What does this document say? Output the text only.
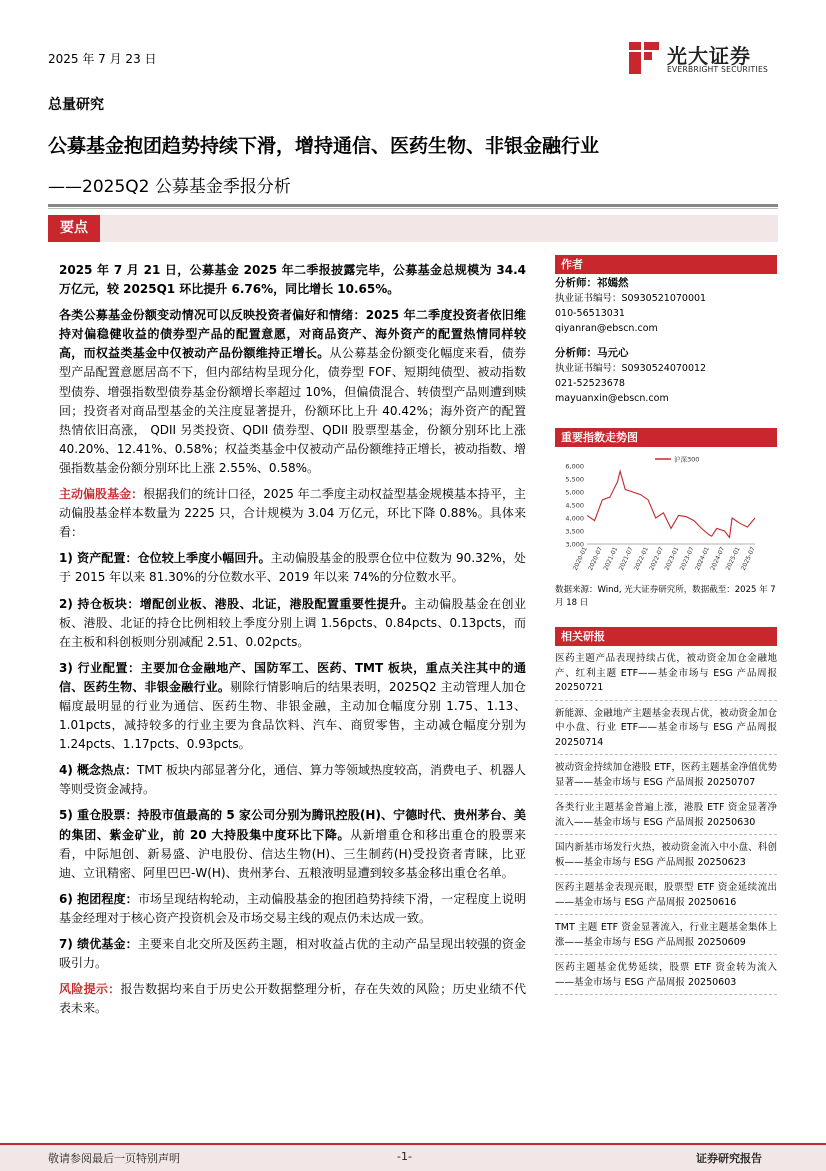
2025 年 7 月 23 日	光大证券
EVERBRIGHT SECURITIES
总量研究
公募基金抱团趋势持续下滑，增持通信、医药生物、非银金融行业
——2025Q2 公募基金季报分析
要点

2025 年 7 月 21 日，公募基金 2025 年二季报披露完毕，公募基金总规模为 34.4 万亿元，较 2025Q1 环比提升 6.76%，同比增长 10.65%。

各类公募基金份额变动情况可以反映投资者偏好和情绪：2025 年二季度投资者依旧维持对偏稳健收益的债券型产品的配置意愿，对商品资产、海外资产的配置热情同样较高，而权益类基金中仅被动产品份额维持正增长。从公募基金份额变化幅度来看，债券型产品配置意愿居高不下，但内部结构呈现分化，债券型 FOF、短期纯债型、被动指数型债券、增强指数型债券基金份额增长率超过 10%，但偏债混合、转债型产品则遭到赎回；投资者对商品型基金的关注度显著提升，份额环比上升 40.42%；海外资产的配置热情依旧高涨， QDII 另类投资、QDII 债券型、QDII 股票型基金，份额分别环比上涨 40.20%、12.41%、0.58%；权益类基金中仅被动产品份额维持正增长，被动指数、增强指数基金份额分别环比上涨 2.55%、0.58%。

主动偏股基金：根据我们的统计口径，2025 年二季度主动权益型基金规模基本持平，主动偏股基金样本数量为 2225 只，合计规模为 3.04 万亿元，环比下降 0.88%。具体来看：

1) 资产配置：仓位较上季度小幅回升。主动偏股基金的股票仓位中位数为 90.32%，处于 2015 年以来 81.30%的分位数水平、2019 年以来 74%的分位数水平。

2) 持仓板块：增配创业板、港股、北证，港股配置重要性提升。主动偏股基金在创业板、港股、北证的持仓比例相较上季度分别上调 1.56pcts、0.84pcts、0.13pcts，而在主板和科创板则分别减配 2.51、0.02pcts。

3) 行业配置：主要加仓金融地产、国防军工、医药、TMT 板块，重点关注其中的通信、医药生物、非银金融行业。剔除行情影响后的结果表明，2025Q2 主动管理人加仓幅度最明显的行业为通信、医药生物、非银金融，主动加仓幅度分别 1.75、1.13、1.01pcts，减持较多的行业主要为食品饮料、汽车、商贸零售，主动减仓幅度分别为 1.24pcts、1.17pcts、0.93pcts。

4) 概念热点：TMT 板块内部显著分化，通信、算力等领域热度较高，消费电子、机器人等则受资金减持。

5) 重仓股票：持股市值最高的 5 家公司分别为腾讯控股(H)、宁德时代、贵州茅台、美的集团、紫金矿业，前 20 大持股集中度环比下降。从新增重仓和移出重仓的股票来看，中际旭创、新易盛、沪电股份、信达生物(H)、三生制药(H)受投资者青睐，比亚迪、立讯精密、阿里巴巴-W(H)、贵州茅台、五粮液明显遭到较多基金移出重仓名单。

6) 抱团程度：市场呈现结构轮动，主动偏股基金的抱团趋势持续下滑，一定程度上说明基金经理对于核心资产投资机会及市场交易主线的观点仍未达成一致。

7) 绩优基金：主要来自北交所及医药主题，相对收益占优的主动产品呈现出较强的资金吸引力。

风险提示：报告数据均来自于历史公开数据整理分析，存在失效的风险；历史业绩不代表未来。

作者

分析师：祁嫣然

执业证书编号：S0930521070001

010-56513031

qiyanran@ebscn.com

分析师：马元心

执业证书编号：S0930524070012

021-52523678

mayuanxin@ebscn.com

重要指数走势图
3,000
3,500
4,000
4,500
5,000
5,500
6,000
2020-01
2020-07
2021-01
2021-07
2022-01
2022-07
2023-01
2023-07
2024-01
2024-07
2025-01
2025-07
沪深300
数据来源：Wind, 光大证券研究所，数据截至：2025 年 7 月 18 日
相关研报
医药主题产品表现持续占优，被动资金加仓金融地产、红利主题 ETF——基金市场与 ESG 产品周报 20250721
新能源、金融地产主题基金表现占优，被动资金加仓中小盘、行业 ETF——基金市场与 ESG 产品周报 20250714
被动资金持续加仓港股 ETF，医药主题基金净值优势显著——基金市场与 ESG 产品周报 20250707
各类行业主题基金普遍上涨，港股 ETF 资金显著净流入——基金市场与 ESG 产品周报 20250630
国内新基市场发行火热，被动资金流入中小盘、科创板——基金市场与 ESG 产品周报 20250623
医药主题基金表现亮眼，股票型 ETF 资金延续流出——基金市场与 ESG 产品周报 20250616
TMT 主题 ETF 资金显著流入，行业主题基金集体上涨——基金市场与 ESG 产品周报 20250609
医药主题基金优势延续，股票 ETF 资金转为流入——基金市场与 ESG 产品周报 20250603
敬请参阅最后一页特别声明	-1-	证券研究报告
